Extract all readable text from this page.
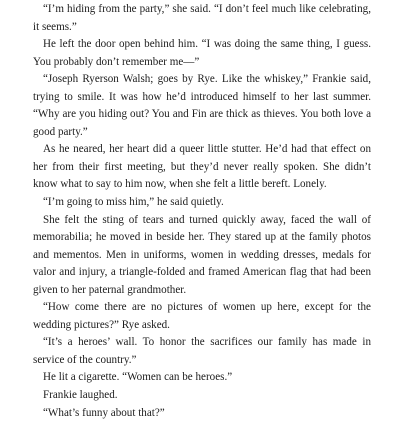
“I’m hiding from the party,” she said. “I don’t feel much like celebrating, it seems.”

He left the door open behind him. “I was doing the same thing, I guess. You probably don’t remember me—”

“Joseph Ryerson Walsh; goes by Rye. Like the whiskey,” Frankie said, trying to smile. It was how he’d introduced himself to her last summer. “Why are you hiding out? You and Fin are thick as thieves. You both love a good party.”

As he neared, her heart did a queer little stutter. He’d had that effect on her from their first meeting, but they’d never really spoken. She didn’t know what to say to him now, when she felt a little bereft. Lonely.

“I’m going to miss him,” he said quietly.

She felt the sting of tears and turned quickly away, faced the wall of memorabilia; he moved in beside her. They stared up at the family photos and mementos. Men in uniforms, women in wedding dresses, medals for valor and injury, a triangle-folded and framed American flag that had been given to her paternal grandmother.

“How come there are no pictures of women up here, except for the wedding pictures?” Rye asked.

“It’s a heroes’ wall. To honor the sacrifices our family has made in service of the country.”

He lit a cigarette. “Women can be heroes.”

Frankie laughed.

“What’s funny about that?”
